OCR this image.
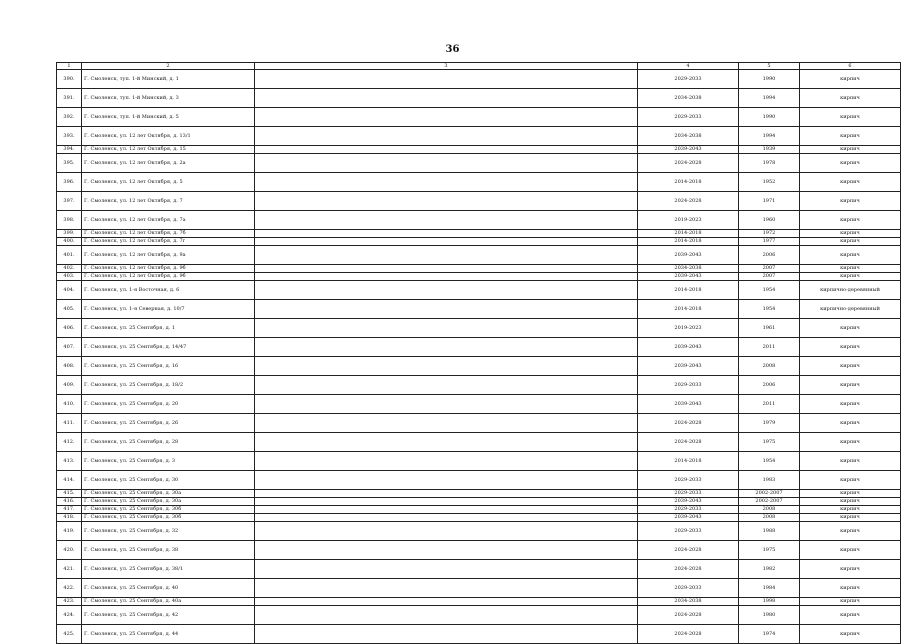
36
1	2	3	4	5	6
390.	Г. Смоленск, туп. 1-й Минский, д. 1		2029-2033	1990	кирпич
391.	Г. Смоленск, туп. 1-й Минский, д. 3		2034-2038	1994	кирпич
392.	Г. Смоленск, туп. 1-й Минский, д. 5		2029-2033	1990	кирпич
393.	Г. Смоленск, ул. 12 лет Октября, д. 13/1		2034-2038	1994	кирпич
394.	Г. Смоленск, ул. 12 лет Октября, д. 15		2039-2043	1939	кирпич
395.	Г. Смоленск, ул. 12 лет Октября, д. 2а		2024-2028	1978	кирпич
396.	Г. Смоленск, ул. 12 лет Октября, д. 5		2014-2018	1952	кирпич
397.	Г. Смоленск, ул. 12 лет Октября, д. 7		2024-2028	1971	кирпич
398.	Г. Смоленск, ул. 12 лет Октября, д. 7а		2019-2023	1960	кирпич
399.	Г. Смоленск, ул. 12 лет Октября, д. 7б		2014-2018	1972	кирпич
400.	Г. Смоленск, ул. 12 лет Октября, д. 7г		2014-2018	1977	кирпич
401.	Г. Смоленск, ул. 12 лет Октября, д. 9а		2039-2043	2006	кирпич
402.	Г. Смоленск, ул. 12 лет Октября, д. 9б		2034-2038	2007	кирпич
403.	Г. Смоленск, ул. 12 лет Октября, д. 9б		2039-2043	2007	кирпич
404.	Г. Смоленск, ул. 1-я Восточная, д. 6		2014-2018	1954	кирпично-деревянный
405.	Г. Смоленск, ул. 1-я Северная, д. 10/7		2014-2018	1954	кирпично-деревянный
406.	Г. Смоленск, ул. 25 Сентября, д. 1		2019-2023	1961	кирпич
407.	Г. Смоленск, ул. 25 Сентября, д. 14/47		2039-2043	2011	кирпич
408.	Г. Смоленск, ул. 25 Сентября, д. 16		2039-2043	2008	кирпич
409.	Г. Смоленск, ул. 25 Сентября, д. 18/2		2029-2033	2006	кирпич
410.	Г. Смоленск, ул. 25 Сентября, д. 20		2039-2043	2011	кирпич
411.	Г. Смоленск, ул. 25 Сентября, д. 26		2024-2028	1979	кирпич
412.	Г. Смоленск, ул. 25 Сентября, д. 28		2024-2028	1975	кирпич
413.	Г. Смоленск, ул. 25 Сентября, д. 3		2014-2018	1954	кирпич
414.	Г. Смоленск, ул. 25 Сентября, д. 30		2029-2033	1983	кирпич
415.	Г. Смоленск, ул. 25 Сентября, д. 30а		2029-2033	2002-2007	кирпич
416.	Г. Смоленск, ул. 25 Сентября, д. 30а		2039-2043	2002-2007	кирпич
417.	Г. Смоленск, ул. 25 Сентября, д. 30б		2029-2033	2008	кирпич
418.	Г. Смоленск, ул. 25 Сентября, д. 30б		2039-2043	2008	кирпич
419.	Г. Смоленск, ул. 25 Сентября, д. 32		2029-2033	1988	кирпич
420.	Г. Смоленск, ул. 25 Сентября, д. 38		2024-2028	1975	кирпич
421.	Г. Смоленск, ул. 25 Сентября, д. 38/1		2024-2028	1982	кирпич
422.	Г. Смоленск, ул. 25 Сентября, д. 40		2029-2033	1984	кирпич
423.	Г. Смоленск, ул. 25 Сентября, д. 40а		2034-2038	1998	кирпич
424.	Г. Смоленск, ул. 25 Сентября, д. 42		2024-2028	1980	кирпич
425.	Г. Смоленск, ул. 25 Сентября, д. 44		2024-2028	1974	кирпич
